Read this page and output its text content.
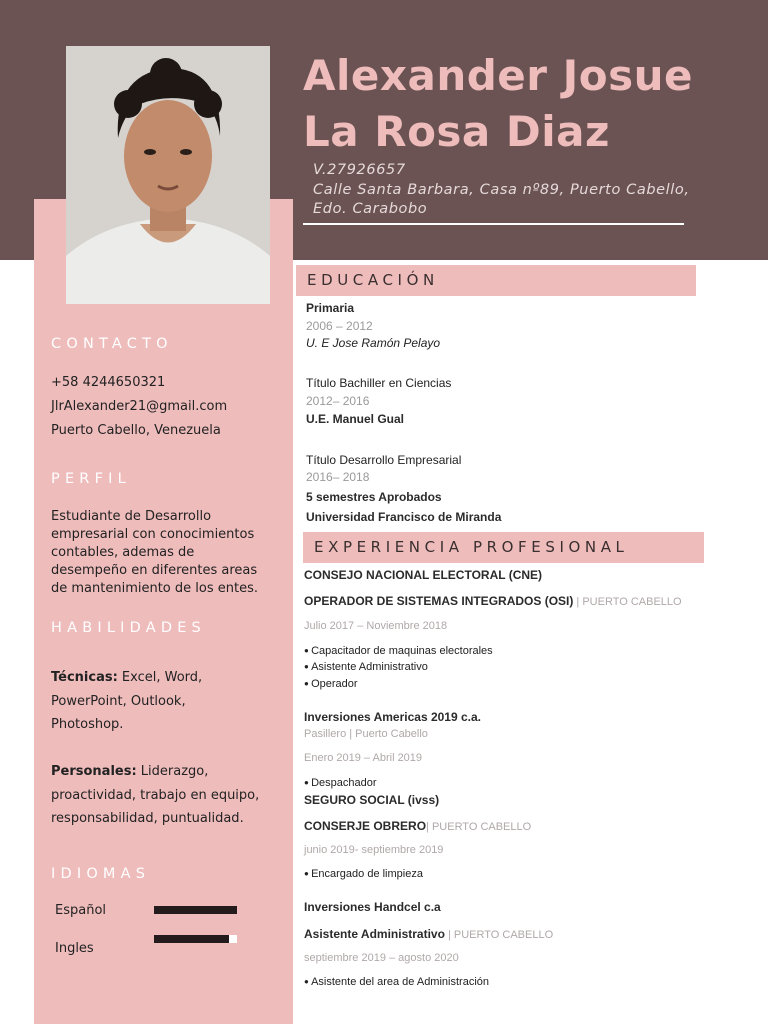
Alexander Josue
La Rosa Diaz
V.27926657
Calle Santa Barbara, Casa nº89, Puerto Cabello,
Edo. Carabobo
CONTACTO
+58 4244650321
JlrAlexander21@gmail.com
Puerto Cabello, Venezuela
PERFIL
Estudiante de Desarrollo
empresarial con conocimientos
contables, ademas de
desempeño en diferentes areas
de mantenimiento de los entes.
HABILIDADES
Técnicas: Excel, Word,
PowerPoint, Outlook,
Photoshop.
Personales: Liderazgo,
proactividad, trabajo en equipo,
responsabilidad, puntualidad.
IDIOMAS
Español
Ingles
EDUCACIÓN
Primaria
2006 – 2012
U. E Jose Ramón Pelayo
Título Bachiller en Ciencias
2012– 2016
U.E. Manuel Gual
Título Desarrollo Empresarial
2016– 2018
5 semestres Aprobados
Universidad Francisco de Miranda
EXPERIENCIA PROFESIONAL
CONSEJO NACIONAL ELECTORAL (CNE)
OPERADOR DE SISTEMAS INTEGRADOS (OSI) | PUERTO CABELLO
Julio 2017 – Noviembre 2018
● Capacitador de maquinas electorales
● Asistente Administrativo
● Operador
Inversiones Americas 2019 c.a.
Pasillero | Puerto Cabello
Enero 2019 – Abril 2019
● Despachador
SEGURO SOCIAL (ivss)
CONSERJE OBRERO| PUERTO CABELLO
junio 2019- septiembre 2019
● Encargado de limpieza
Inversiones Handcel c.a
Asistente Administrativo | PUERTO CABELLO
septiembre 2019 – agosto 2020
● Asistente del area de Administración
